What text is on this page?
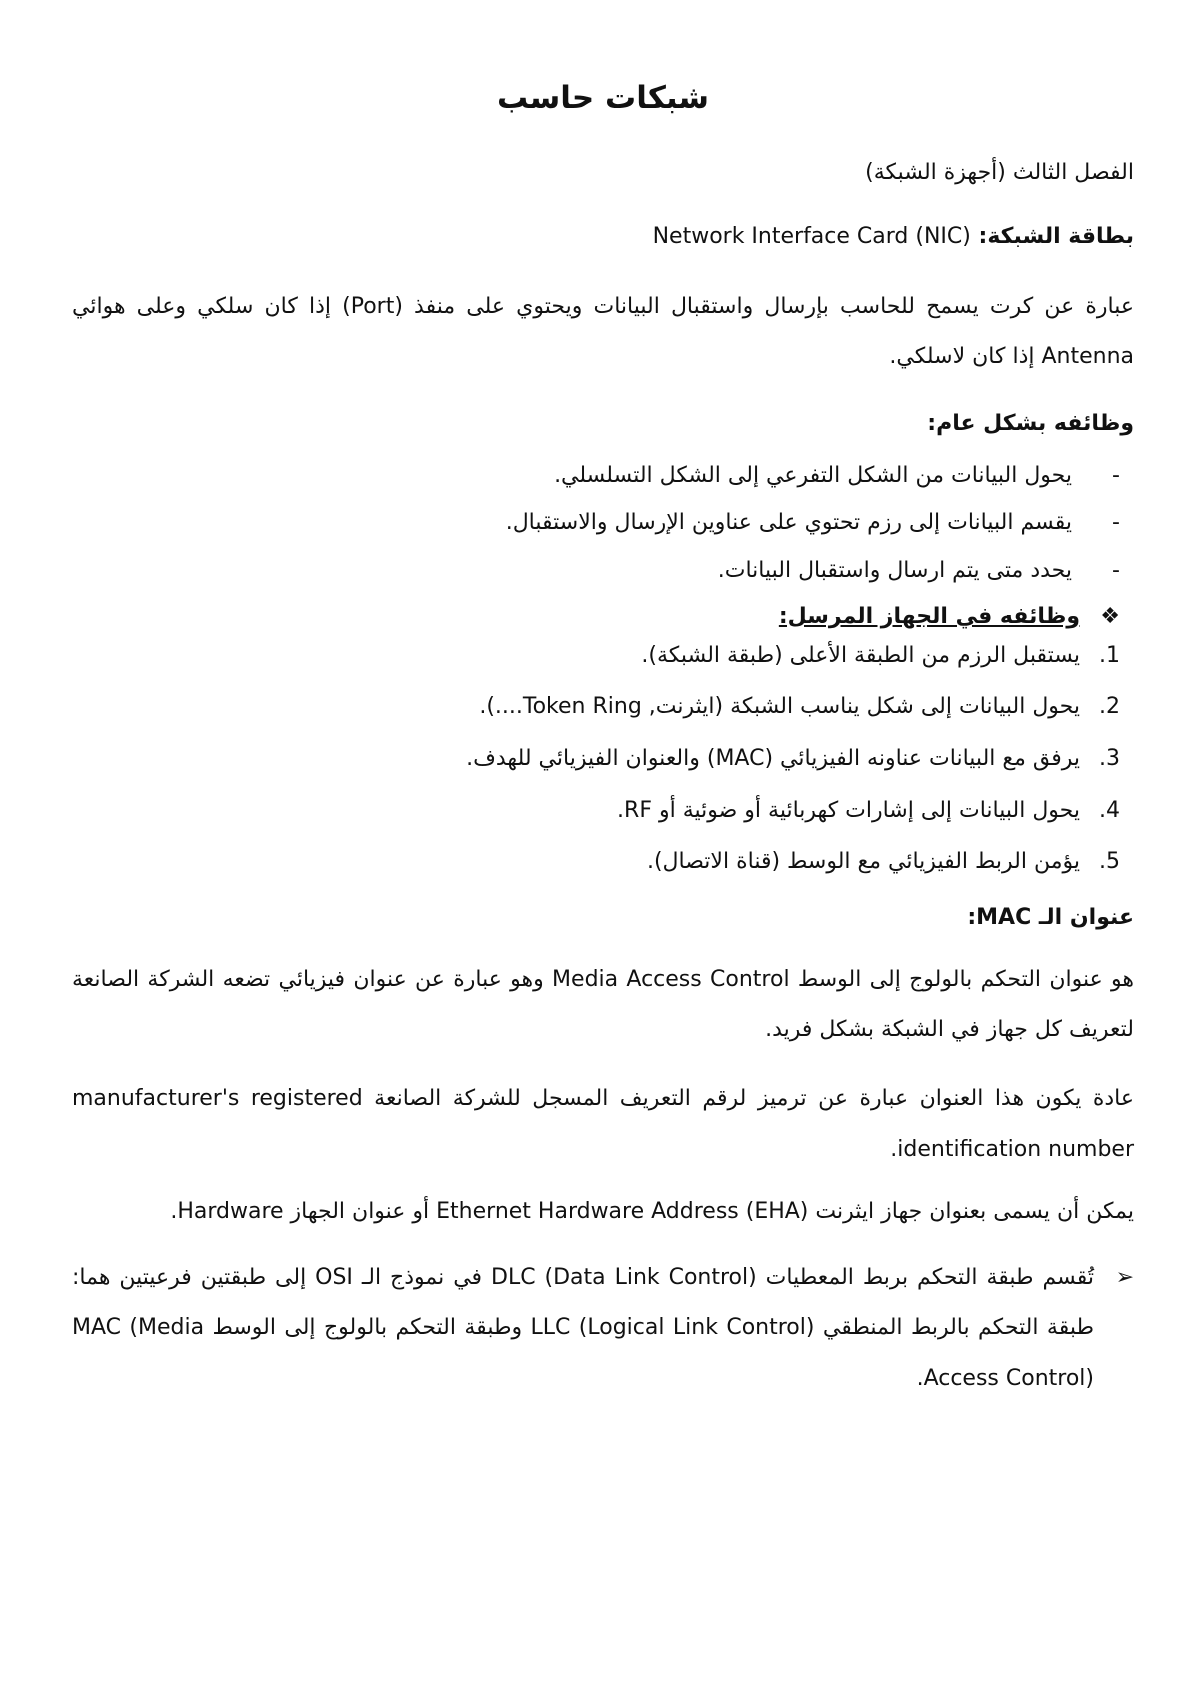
شبكات حاسب

الفصل الثالث (أجهزة الشبكة)

بطاقة الشبكة: Network Interface Card (NIC)

عبارة عن كرت يسمح للحاسب بإرسال واستقبال البيانات ويحتوي على منفذ (Port) إذا كان سلكي وعلى هوائي Antenna إذا كان لاسلكي.

وظائفه بشكل عام:

-يحول البيانات من الشكل التفرعي إلى الشكل التسلسلي.
-يقسم البيانات إلى رزم تحتوي على عناوين الإرسال والاستقبال.
-يحدد متى يتم ارسال واستقبال البيانات.
❖وظائفه في الجهاز المرسل:
1.يستقبل الرزم من الطبقة الأعلى (طبقة الشبكة).
2.يحول البيانات إلى شكل يناسب الشبكة (ايثرنت, Token Ring....).
3.يرفق مع البيانات عناونه الفيزيائي (MAC) والعنوان الفيزيائي للهدف.
4.يحول البيانات إلى إشارات كهربائية أو ضوئية أو RF.
5.يؤمن الربط الفيزيائي مع الوسط (قناة الاتصال).

عنوان الـ MAC:

هو عنوان التحكم بالولوج إلى الوسط Media Access Control وهو عبارة عن عنوان فيزيائي تضعه الشركة الصانعة لتعريف كل جهاز في الشبكة بشكل فريد.

عادة يكون هذا العنوان عبارة عن ترميز لرقم التعريف المسجل للشركة الصانعة manufacturer's registered identification number.

يمكن أن يسمى بعنوان جهاز ايثرنت Ethernet Hardware Address (EHA) أو عنوان الجهاز Hardware.

➢

تُقسم طبقة التحكم بربط المعطيات DLC (Data Link Control) في نموذج الـ OSI إلى طبقتين فرعيتين هما: طبقة التحكم بالربط المنطقي LLC (Logical Link Control) وطبقة التحكم بالولوج إلى الوسط MAC (Media Access Control).
